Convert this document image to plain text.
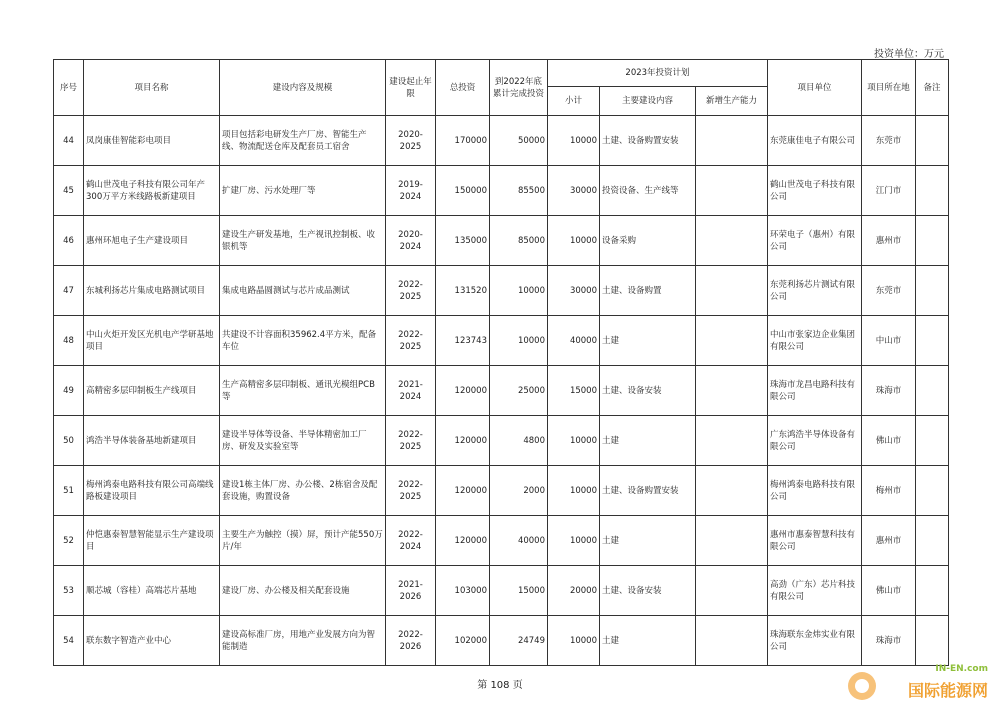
投资单位：万元
序号	项目名称	建设内容及规模	建设起止年限	总投资	到2022年底累计完成投资	2023年投资计划			项目单位	项目所在地	备注
						小计	主要建设内容	新增生产能力			
44	凤岗康佳智能彩电项目	项目包括彩电研发生产厂房、智能生产线、物流配送仓库及配套员工宿舍	2020-2025	170000	50000	10000	土建、设备购置安装		东莞康佳电子有限公司	东莞市	
45	鹤山世茂电子科技有限公司年产300万平方米线路板新建项目	扩建厂房、污水处理厂等	2019-2024	150000	85500	30000	投资设备、生产线等		鹤山世茂电子科技有限公司	江门市	
46	惠州环旭电子生产建设项目	建设生产研发基地，生产视讯控制板、收银机等	2020-2024	135000	85000	10000	设备采购		环荣电子（惠州）有限公司	惠州市	
47	东城利扬芯片集成电路测试项目	集成电路晶圆测试与芯片成品测试	2022-2025	131520	10000	30000	土建、设备购置		东莞利扬芯片测试有限公司	东莞市	
48	中山火炬开发区光机电产学研基地项目	共建设不计容面积35962.4平方米，配备车位	2022-2025	123743	10000	40000	土建		中山市张家边企业集团有限公司	中山市	
49	高精密多层印制板生产线项目	生产高精密多层印制板、通讯光模组PCB等	2021-2024	120000	25000	15000	土建、设备安装		珠海市龙昌电路科技有限公司	珠海市	
50	鸿浩半导体装备基地新建项目	建设半导体等设备、半导体精密加工厂房、研发及实验室等	2022-2025	120000	4800	10000	土建		广东鸿浩半导体设备有限公司	佛山市	
51	梅州鸿泰电路科技有限公司高端线路板建设项目	建设1栋主体厂房、办公楼、2栋宿舍及配套设施，购置设备	2022-2025	120000	2000	10000	土建、设备购置安装		梅州鸿泰电路科技有限公司	梅州市	
52	仲恺惠泰智慧智能显示生产建设项目	主要生产为触控（摸）屏，预计产能550万片/年	2022-2024	120000	40000	10000	土建		惠州市惠泰智慧科技有限公司	惠州市	
53	顺芯城（容桂）高端芯片基地	建设厂房、办公楼及相关配套设施	2021-2026	103000	15000	20000	土建、设备安装		高劲（广东）芯片科技有限公司	佛山市	
54	联东数字智造产业中心	建设高标准厂房，用地产业发展方向为智能制造	2022-2026	102000	24749	10000	土建		珠海联东金炜实业有限公司	珠海市	
第 108 页
IN-EN.com
国际能源网
